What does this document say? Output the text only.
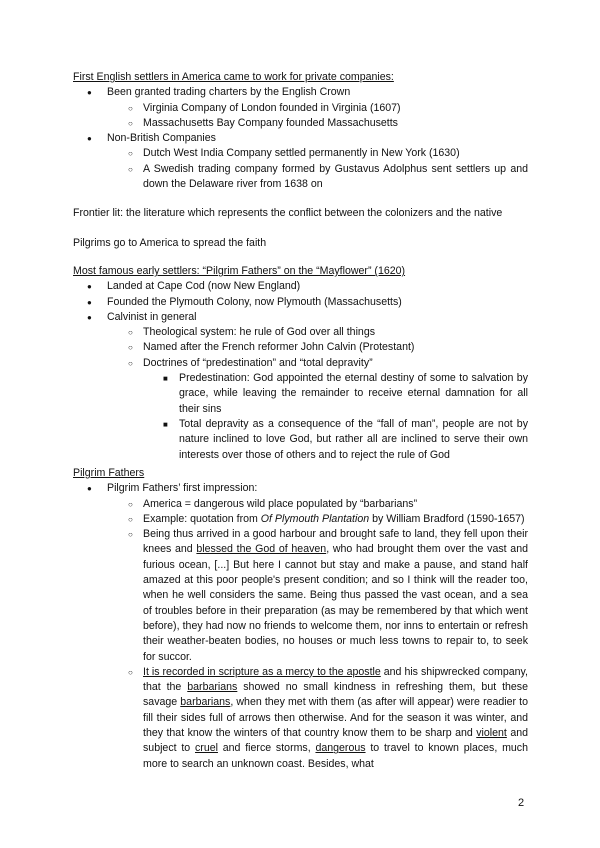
First English settlers in America came to work for private companies:
● Been granted trading charters by the English Crown
○ Virginia Company of London founded in Virginia (1607)
○ Massachusetts Bay Company founded Massachusetts
● Non-British Companies
○ Dutch West India Company settled permanently in New York (1630)
○ A Swedish trading company formed by Gustavus Adolphus sent settlers up and down the Delaware river from 1638 on
Frontier lit: the literature which represents the conflict between the colonizers and the native
Pilgrims go to America to spread the faith
Most famous early settlers: “Pilgrim Fathers” on the “Mayflower” (1620)
● Landed at Cape Cod (now New England)
● Founded the Plymouth Colony, now Plymouth (Massachusetts)
● Calvinist in general
○ Theological system: he rule of God over all things
○ Named after the French reformer John Calvin (Protestant)
○ Doctrines of “predestination” and “total depravity”
■ Predestination: God appointed the eternal destiny of some to salvation by grace, while leaving the remainder to receive eternal damnation for all their sins
■ Total depravity as a consequence of the “fall of man”, people are not by nature inclined to love God, but rather all are inclined to serve their own interests over those of others and to reject the rule of God
Pilgrim Fathers
● Pilgrim Fathers’ first impression:
○ America = dangerous wild place populated by “barbarians”
○ Example: quotation from Of Plymouth Plantation by William Bradford (1590-1657)
○ Being thus arrived in a good harbour and brought safe to land, they fell upon their knees and blessed the God of heaven, who had brought them over the vast and furious ocean, [...] But here I cannot but stay and make a pause, and stand half amazed at this poor people's present condition; and so I think will the reader too, when he well considers the same. Being thus passed the vast ocean, and a sea of troubles before in their preparation (as may be remembered by that which went before), they had now no friends to welcome them, nor inns to entertain or refresh their weather-beaten bodies, no houses or much less towns to repair to, to seek for succor.
○ It is recorded in scripture as a mercy to the apostle and his shipwrecked company, that the barbarians showed no small kindness in refreshing them, but these savage barbarians, when they met with them (as after will appear) were readier to fill their sides full of arrows then otherwise. And for the season it was winter, and they that know the winters of that country know them to be sharp and violent and subject to cruel and fierce storms, dangerous to travel to known places, much more to search an unknown coast. Besides, what
2
